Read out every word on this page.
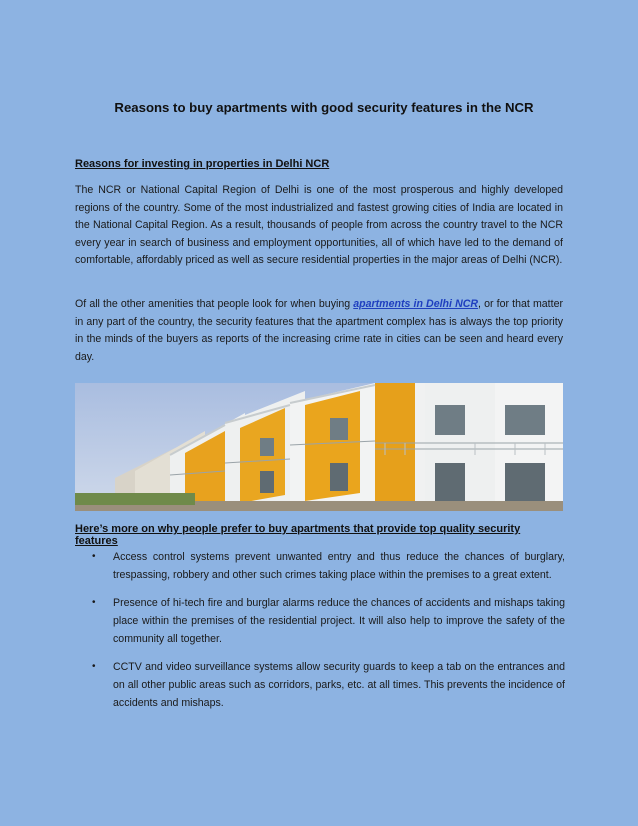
Reasons to buy apartments with good security features in the NCR
Reasons for investing in properties in Delhi NCR

The NCR or National Capital Region of Delhi is one of the most prosperous and highly developed regions of the country. Some of the most industrialized and fastest growing cities of India are located in the National Capital Region. As a result, thousands of people from across the country travel to the NCR every year in search of business and employment opportunities, all of which have led to the demand of comfortable, affordably priced as well as secure residential properties in the major areas of Delhi (NCR).

Of all the other amenities that people look for when buying apartments in Delhi NCR, or for that matter in any part of the country, the security features that the apartment complex has is always the top priority in the minds of the buyers as reports of the increasing crime rate in cities can be seen and heard every day.

Here’s more on why people prefer to buy apartments that provide top quality security features
• Access control systems prevent unwanted entry and thus reduce the chances of burglary, trespassing, robbery and other such crimes taking place within the premises to a great extent.
• Presence of hi-tech fire and burglar alarms reduce the chances of accidents and mishaps taking place within the premises of the residential project. It will also help to improve the safety of the community all together.
• CCTV and video surveillance systems allow security guards to keep a tab on the entrances and on all other public areas such as corridors, parks, etc. at all times. This prevents the incidence of accidents and mishaps.
